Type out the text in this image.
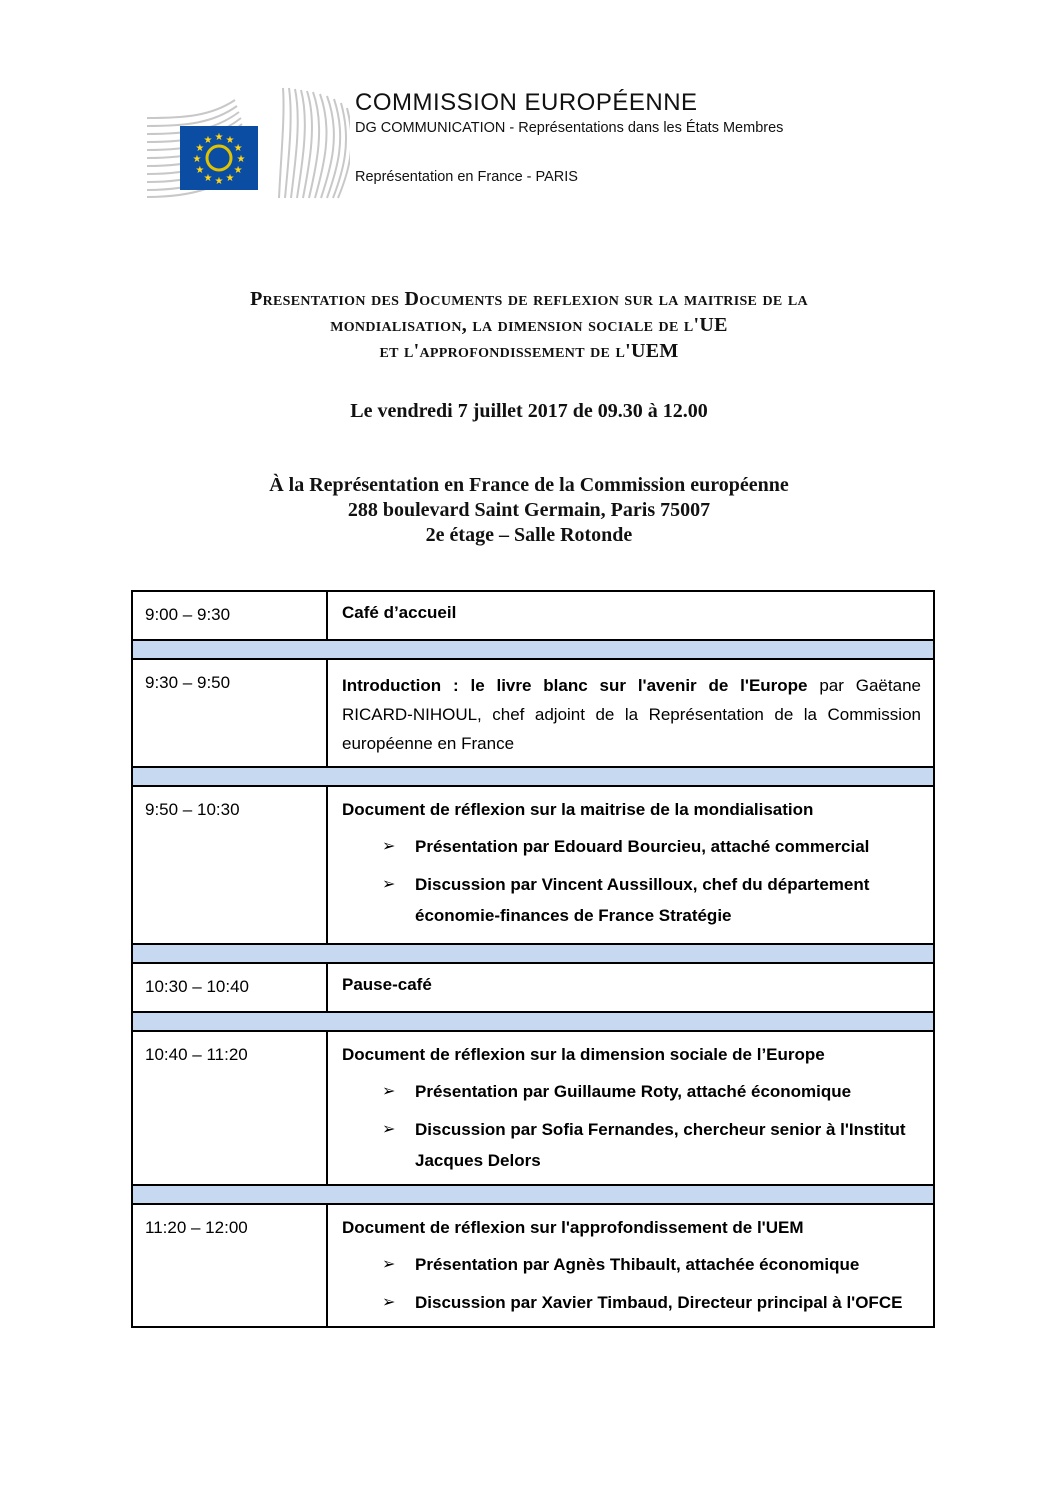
★ ★
★
★
★
★
★
★
★
★
★
★
COMMISSION EUROPÉENNE
DG COMMUNICATION - Représentations dans les États Membres
Représentation en France - PARIS
Presentation des Documents de reflexion sur la maitrise de la
mondialisation, la dimension sociale de l'UE
et l'approfondissement de l'UEM
Le vendredi 7 juillet 2017 de 09.30 à 12.00
À la Représentation en France de la Commission européenne
288 boulevard Saint Germain, Paris 75007
2e étage – Salle Rotonde
9:00 – 9:30	Café d’accueil

9:30 – 9:50	Introduction : le livre blanc sur l'avenir de l'Europe par Gaëtane RICARD-NIHOUL, chef adjoint de la Représentation de la Commission européenne en France

9:50 – 10:30	Document de réflexion sur la maitrise de la mondialisation
➢	Présentation par Edouard Bourcieu, attaché commercial
➢	Discussion par Vincent Aussilloux, chef du département économie-finances de France Stratégie

10:30 – 10:40	Pause-café

10:40 – 11:20	Document de réflexion sur la dimension sociale de l’Europe
➢	Présentation par Guillaume Roty, attaché économique
➢	Discussion par Sofia Fernandes, chercheur senior à l'Institut Jacques Delors

11:20 – 12:00	Document de réflexion sur l'approfondissement de l'UEM
➢	Présentation par Agnès Thibault, attachée économique
➢	Discussion par Xavier Timbaud, Directeur principal à l'OFCE
